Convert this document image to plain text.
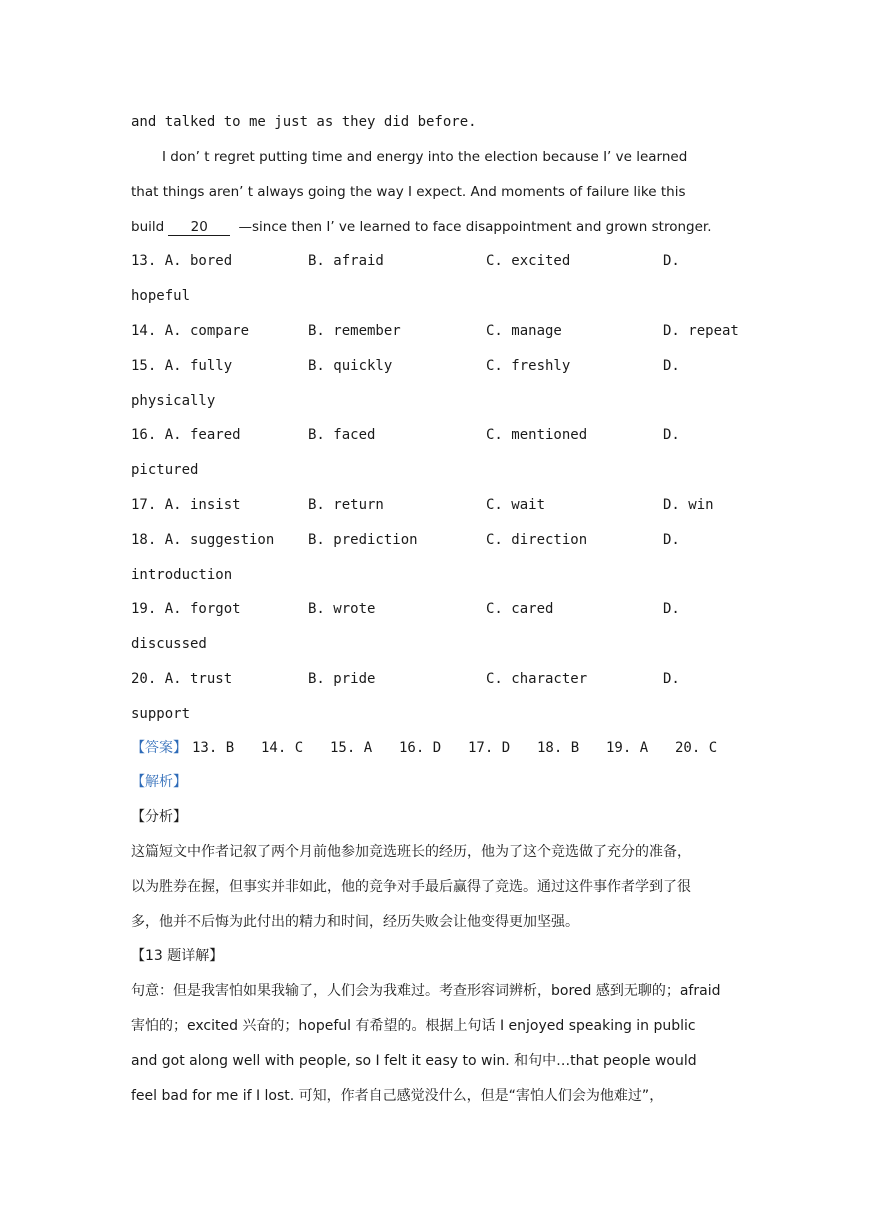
and talked to me just as they did before.
I don’ t regret putting time and energy into the election because I’ ve learned
that things aren’ t always going the way I expect. And moments of failure like this
build 20 —since then I’ ve learned to face disappointment and grown stronger.
13. A. bored	B. afraid	C. excited	D.
hopeful
14. A. compare	B. remember	C. manage	D. repeat
15. A. fully	B. quickly	C. freshly	D.
physically
16. A. feared	B. faced	C. mentioned	D.
pictured
17. A. insist	B. return	C. wait	D. win
18. A. suggestion B. prediction	C. direction	D.
introduction
19. A. forgot	B. wrote	C. cared	D.
discussed
20. A. trust	B. pride	C. character	D.
support
【答案】 13. B 14. C 15. A 16. D 17. D 18. B 19. A 20. C
【解析】
【分析】
这篇短文中作者记叙了两个月前他参加竞选班长的经历，他为了这个竞选做了充分的准备，
以为胜券在握，但事实并非如此，他的竞争对手最后赢得了竞选。通过这件事作者学到了很
多，他并不后悔为此付出的精力和时间，经历失败会让他变得更加坚强。
【13 题详解】
句意：但是我害怕如果我输了，人们会为我难过。考查形容词辨析，bored 感到无聊的；afraid
害怕的；excited 兴奋的；hopeful 有希望的。根据上句话 I enjoyed speaking in public
and got along well with people, so I felt it easy to win. 和句中…that people would
feel bad for me if I lost. 可知，作者自己感觉没什么，但是“害怕人们会为他难过”，
